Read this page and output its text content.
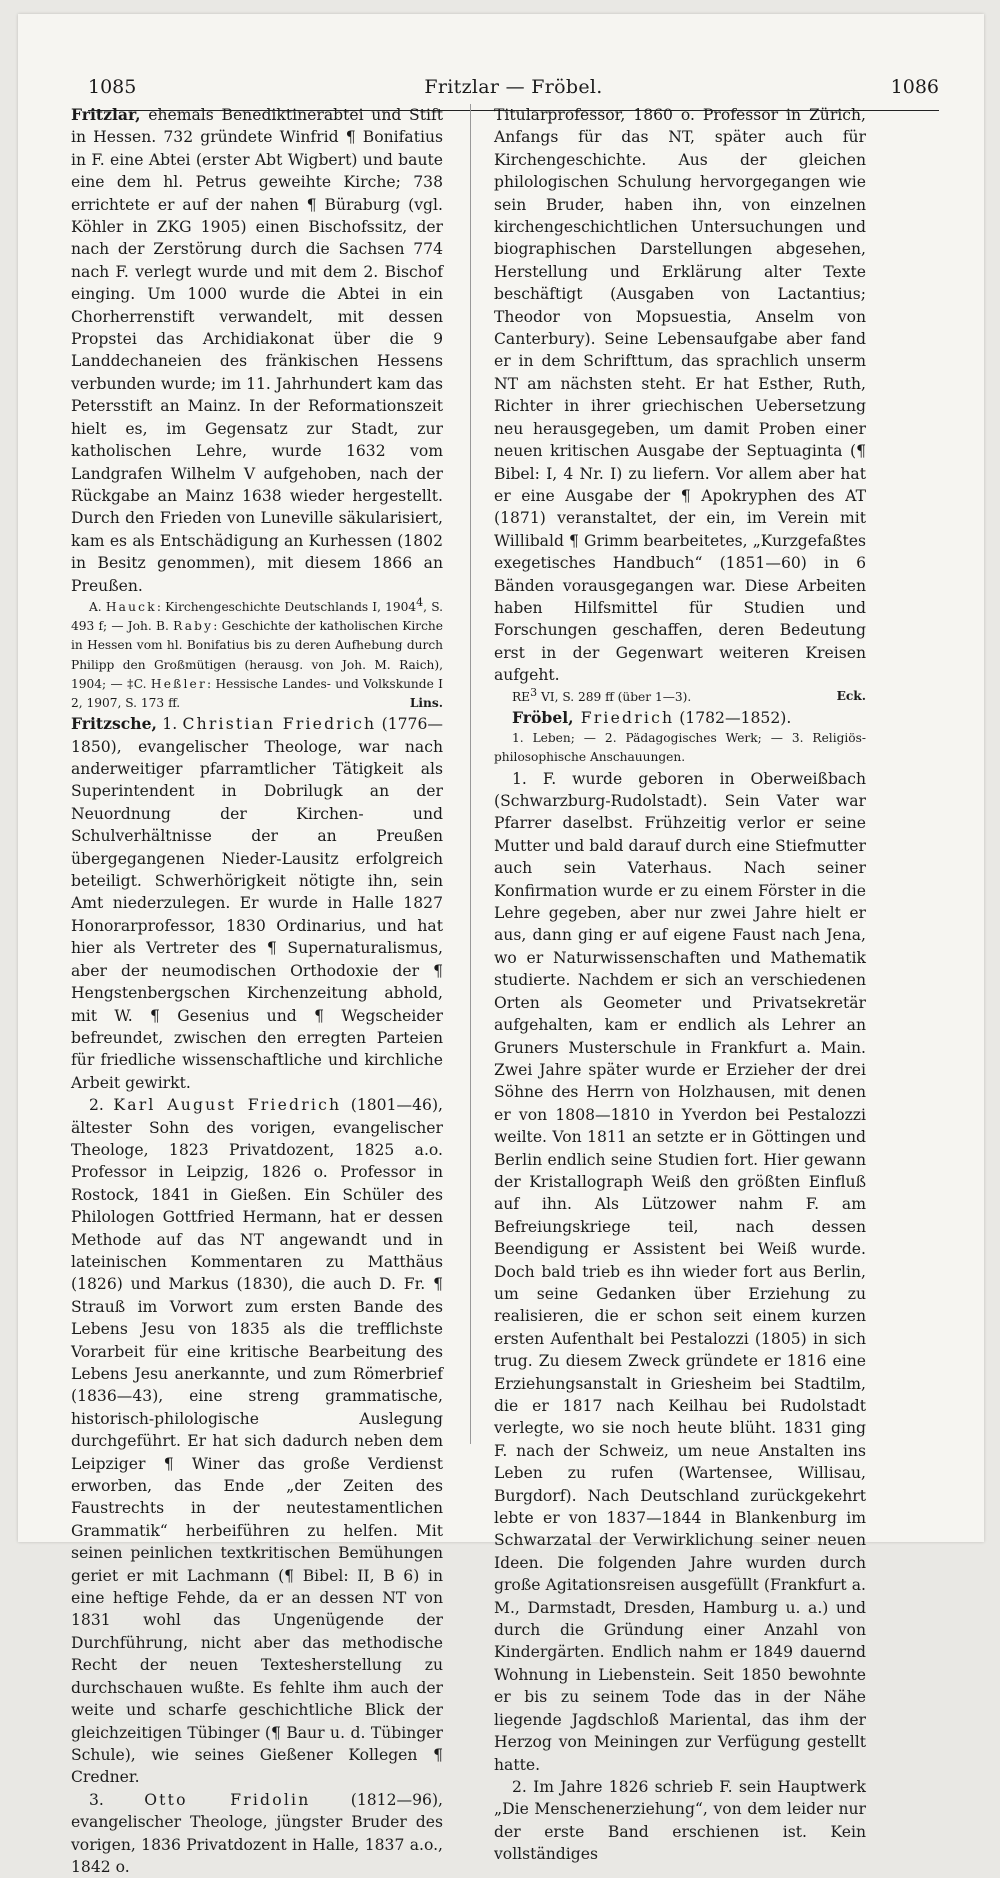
1085	Fritzlar — Fröbel.	1086

Fritzlar, ehemals Benediktinerabtei und Stift in Hessen. 732 gründete Winfrid ¶ Bonifatius in F. eine Abtei (erster Abt Wigbert) und baute eine dem hl. Petrus geweihte Kirche; 738 errichtete er auf der nahen ¶ Büraburg (vgl. Köhler in ZKG 1905) einen Bischofssitz, der nach der Zerstörung durch die Sachsen 774 nach F. verlegt wurde und mit dem 2. Bischof einging. Um 1000 wurde die Abtei in ein Chorherrenstift verwandelt, mit dessen Propstei das Archidiakonat über die 9 Landdechaneien des fränkischen Hessens verbunden wurde; im 11. Jahrhundert kam das Petersstift an Mainz. In der Reformationszeit hielt es, im Gegensatz zur Stadt, zur katholischen Lehre, wurde 1632 vom Landgrafen Wilhelm V aufgehoben, nach der Rückgabe an Mainz 1638 wieder hergestellt. Durch den Frieden von Luneville säkularisiert, kam es als Entschädigung an Kurhessen (1802 in Besitz genommen), mit diesem 1866 an Preußen.

A. Hauck: Kirchengeschichte Deutschlands I, 1904$^4$, S. 493 f; — Joh. B. Raby: Geschichte der katholischen Kirche in Hessen vom hl. Bonifatius bis zu deren Aufhebung durch Philipp den Großmütigen (herausg. von Joh. M. Raich), 1904; — ‡C. Heßler: Hessische Landes- und Volkskunde I 2, 1907, S. 173 ff.	Lins.

Fritzsche, 1. Christian Friedrich (1776—1850), evangelischer Theologe, war nach anderweitiger pfarramtlicher Tätigkeit als Superintendent in Dobrilugk an der Neuordnung der Kirchen- und Schulverhältnisse der an Preußen übergegangenen Nieder-Lausitz erfolgreich beteiligt. Schwerhörigkeit nötigte ihn, sein Amt niederzulegen. Er wurde in Halle 1827 Honorarprofessor, 1830 Ordinarius, und hat hier als Vertreter des ¶ Supernaturalismus, aber der neumodischen Orthodoxie der ¶ Hengstenbergschen Kirchenzeitung abhold, mit W. ¶ Gesenius und ¶ Wegscheider befreundet, zwischen den erregten Parteien für friedliche wissenschaftliche und kirchliche Arbeit gewirkt.

2. Karl August Friedrich (1801—46), ältester Sohn des vorigen, evangelischer Theologe, 1823 Privatdozent, 1825 a.o. Professor in Leipzig, 1826 o. Professor in Rostock, 1841 in Gießen. Ein Schüler des Philologen Gottfried Hermann, hat er dessen Methode auf das NT angewandt und in lateinischen Kommentaren zu Matthäus (1826) und Markus (1830), die auch D. Fr. ¶ Strauß im Vorwort zum ersten Bande des Lebens Jesu von 1835 als die trefflichste Vorarbeit für eine kritische Bearbeitung des Lebens Jesu anerkannte, und zum Römerbrief (1836—43), eine streng grammatische, historisch-philologische Auslegung durchgeführt. Er hat sich dadurch neben dem Leipziger ¶ Winer das große Verdienst erworben, das Ende „der Zeiten des Faustrechts in der neutestamentlichen Grammatik“ herbeiführen zu helfen. Mit seinen peinlichen textkritischen Bemühungen geriet er mit Lachmann (¶ Bibel: II, B 6) in eine heftige Fehde, da er an dessen NT von 1831 wohl das Ungenügende der Durchführung, nicht aber das methodische Recht der neuen Textesherstellung zu durchschauen wußte. Es fehlte ihm auch der weite und scharfe geschichtliche Blick der gleichzeitigen Tübinger (¶ Baur u. d. Tübinger Schule), wie seines Gießener Kollegen ¶ Credner.

3. Otto Fridolin (1812—96), evangelischer Theologe, jüngster Bruder des vorigen, 1836 Privatdozent in Halle, 1837 a.o., 1842 o.

Titularprofessor, 1860 o. Professor in Zürich, Anfangs für das NT, später auch für Kirchengeschichte. Aus der gleichen philologischen Schulung hervorgegangen wie sein Bruder, haben ihn, von einzelnen kirchengeschichtlichen Untersuchungen und biographischen Darstellungen abgesehen, Herstellung und Erklärung alter Texte beschäftigt (Ausgaben von Lactantius; Theodor von Mopsuestia, Anselm von Canterbury). Seine Lebensaufgabe aber fand er in dem Schrifttum, das sprachlich unserm NT am nächsten steht. Er hat Esther, Ruth, Richter in ihrer griechischen Uebersetzung neu herausgegeben, um damit Proben einer neuen kritischen Ausgabe der Septuaginta (¶ Bibel: I, 4 Nr. I) zu liefern. Vor allem aber hat er eine Ausgabe der ¶ Apokryphen des AT (1871) veranstaltet, der ein, im Verein mit Willibald ¶ Grimm bearbeitetes, „Kurzgefaßtes exegetisches Handbuch“ (1851—60) in 6 Bänden vorausgegangen war. Diese Arbeiten haben Hilfsmittel für Studien und Forschungen geschaffen, deren Bedeutung erst in der Gegenwart weiteren Kreisen aufgeht.

$RE^3$ VI, S. 289 ff (über 1—3).	Eck.

Fröbel, Friedrich (1782—1852).

1. Leben; — 2. Pädagogisches Werk; — 3. Religiös-philosophische Anschauungen.

1. F. wurde geboren in Oberweißbach (Schwarzburg-Rudolstadt). Sein Vater war Pfarrer daselbst. Frühzeitig verlor er seine Mutter und bald darauf durch eine Stiefmutter auch sein Vaterhaus. Nach seiner Konfirmation wurde er zu einem Förster in die Lehre gegeben, aber nur zwei Jahre hielt er aus, dann ging er auf eigene Faust nach Jena, wo er Naturwissenschaften und Mathematik studierte. Nachdem er sich an verschiedenen Orten als Geometer und Privatsekretär aufgehalten, kam er endlich als Lehrer an Gruners Musterschule in Frankfurt a. Main. Zwei Jahre später wurde er Erzieher der drei Söhne des Herrn von Holzhausen, mit denen er von 1808—1810 in Yverdon bei Pestalozzi weilte. Von 1811 an setzte er in Göttingen und Berlin endlich seine Studien fort. Hier gewann der Kristallograph Weiß den größten Einfluß auf ihn. Als Lützower nahm F. am Befreiungskriege teil, nach dessen Beendigung er Assistent bei Weiß wurde. Doch bald trieb es ihn wieder fort aus Berlin, um seine Gedanken über Erziehung zu realisieren, die er schon seit einem kurzen ersten Aufenthalt bei Pestalozzi (1805) in sich trug. Zu diesem Zweck gründete er 1816 eine Erziehungsanstalt in Griesheim bei Stadtilm, die er 1817 nach Keilhau bei Rudolstadt verlegte, wo sie noch heute blüht. 1831 ging F. nach der Schweiz, um neue Anstalten ins Leben zu rufen (Wartensee, Willisau, Burgdorf). Nach Deutschland zurückgekehrt lebte er von 1837—1844 in Blankenburg im Schwarzatal der Verwirklichung seiner neuen Ideen. Die folgenden Jahre wurden durch große Agitationsreisen ausgefüllt (Frankfurt a. M., Darmstadt, Dresden, Hamburg u. a.) und durch die Gründung einer Anzahl von Kindergärten. Endlich nahm er 1849 dauernd Wohnung in Liebenstein. Seit 1850 bewohnte er bis zu seinem Tode das in der Nähe liegende Jagdschloß Mariental, das ihm der Herzog von Meiningen zur Verfügung gestellt hatte.

2. Im Jahre 1826 schrieb F. sein Hauptwerk „Die Menschenerziehung“, von dem leider nur der erste Band erschienen ist. Kein vollständiges
